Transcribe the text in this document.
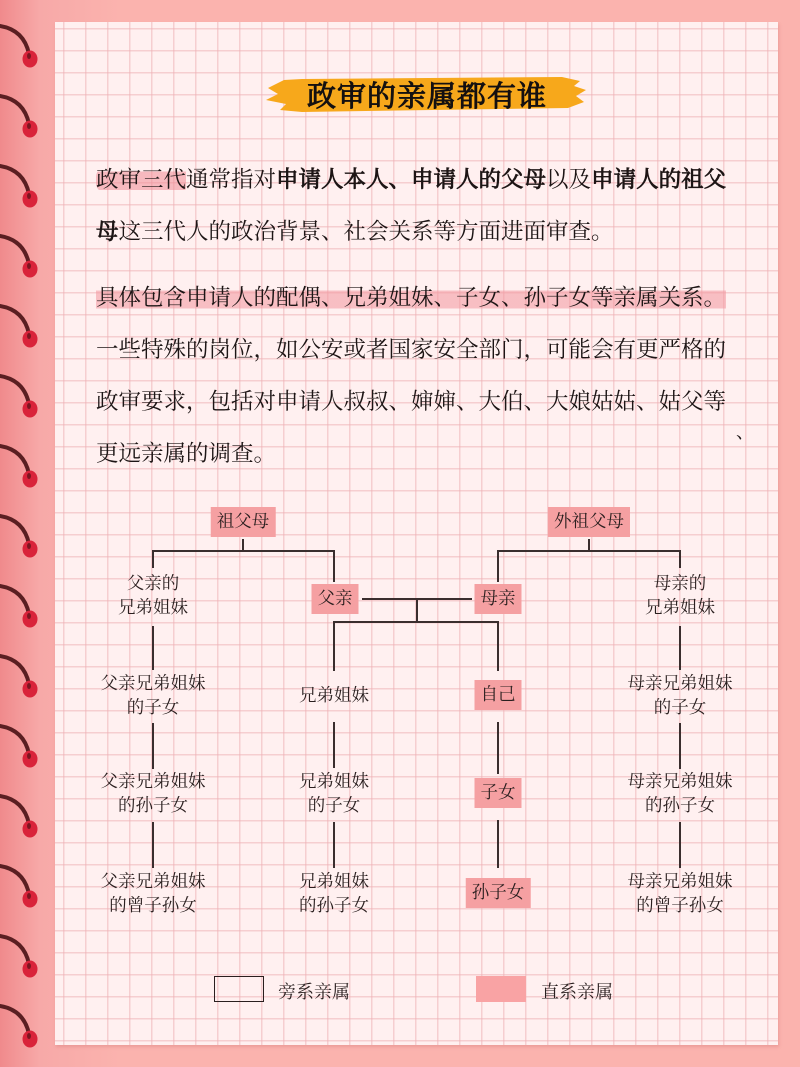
政审的亲属都有谁
政审三代通常指对申请人本人、申请人的父母以及申请人的祖父母这三代人的政治背景、社会关系等方面进面审查。
具体包含申请人的配偶、兄弟姐妹、子女、孙子女等亲属关系。一些特殊的岗位，如公安或者国家安全部门，可能会有更严格的政审要求，包括对申请人叔叔、婶婶、大伯、大娘姑姑、姑父等更远亲属的调查。
、
祖父母	外祖父母
父亲的
兄弟姐妹	父亲	母亲
母亲的
兄弟姐妹
父亲兄弟姐妹
的子女
兄弟姐妹	自己
母亲兄弟姐妹
的子女
父亲兄弟姐妹
的孙子女
兄弟姐妹
的子女
子女
母亲兄弟姐妹
的孙子女
父亲兄弟姐妹
的曾子孙女
兄弟姐妹
的孙子女
孙子女
母亲兄弟姐妹
的曾子孙女
旁系亲属	直系亲属
